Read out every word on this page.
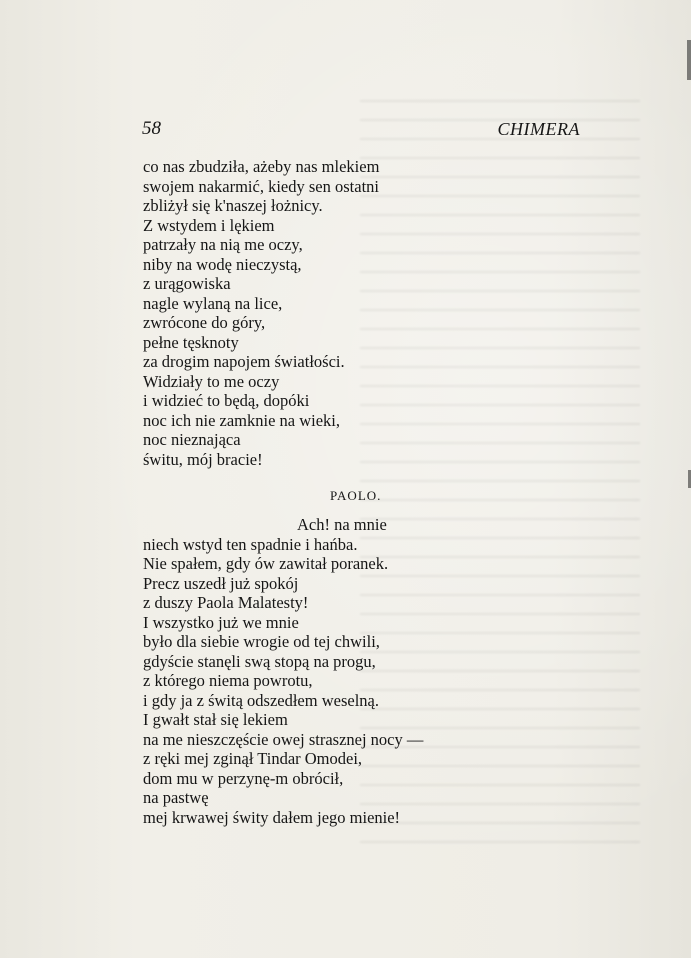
58	CHIMERA
co nas zbudziła, ażeby nas mlekiem
swojem nakarmić, kiedy sen ostatni
zbliżył się k'naszej łożnicy.
Z wstydem i lękiem
patrzały na nią me oczy,
niby na wodę nieczystą,
z urągowiska
nagle wylaną na lice,
zwrócone do góry,
pełne tęsknoty
za drogim napojem światłości.
Widziały to me oczy
i widzieć to będą, dopóki
noc ich nie zamknie na wieki,
noc nieznająca
świtu, mój bracie!
PAOLO.
Ach! na mnie
niech wstyd ten spadnie i hańba.
Nie spałem, gdy ów zawitał poranek.
Precz uszedł już spokój
z duszy Paola Malatesty!
I wszystko już we mnie
było dla siebie wrogie od tej chwili,
gdyście stanęli swą stopą na progu,
z którego niema powrotu,
i gdy ja z świtą odszedłem weselną.
I gwałt stał się lekiem
na me nieszczęście owej strasznej nocy —
z ręki mej zginął Tindar Omodei,
dom mu w perzynę-m obrócił,
na pastwę
mej krwawej świty dałem jego mienie!
